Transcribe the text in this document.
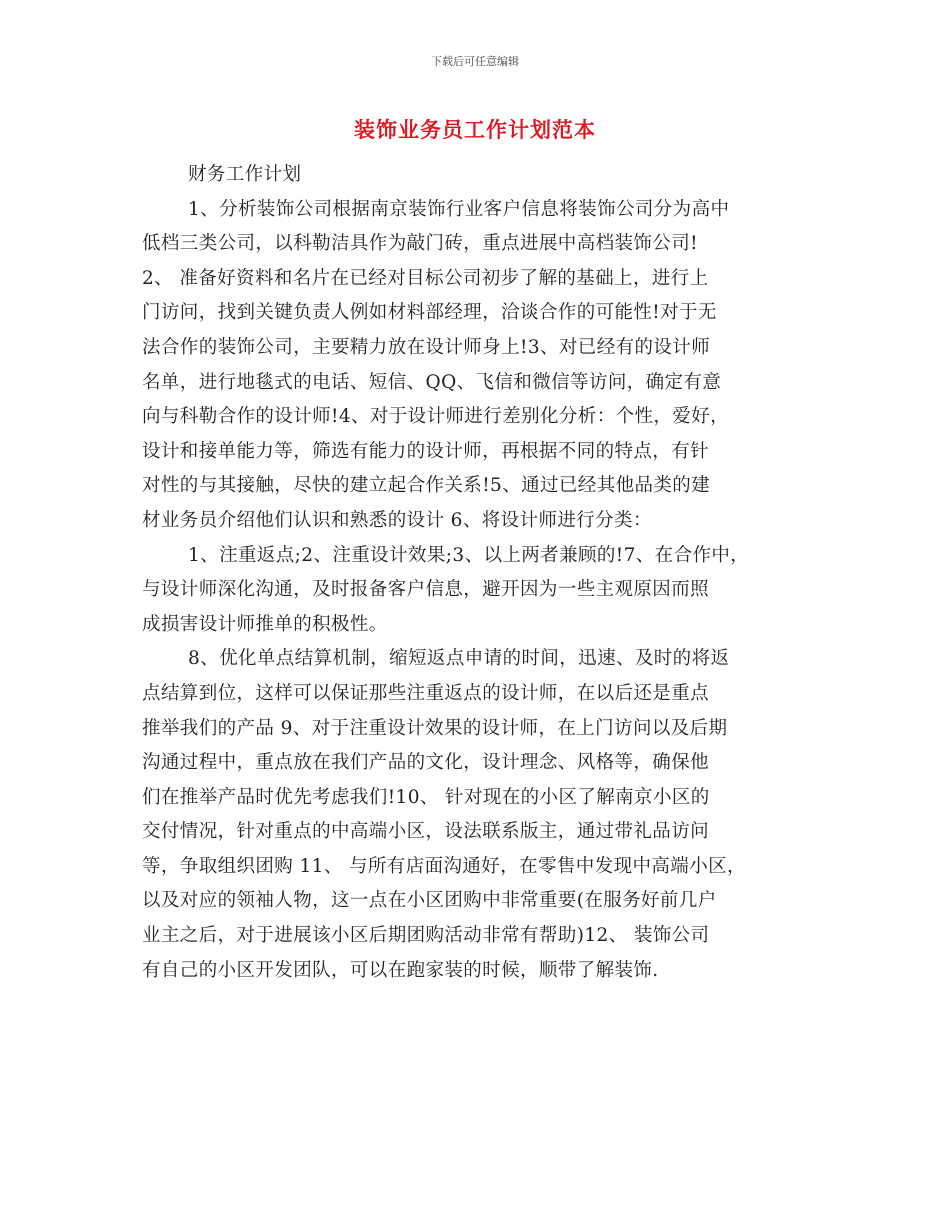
下载后可任意编辑
装饰业务员工作计划范本
财务工作计划
1、分析装饰公司根据南京装饰行业客户信息将装饰公司分为高中
低档三类公司，以科勒洁具作为敲门砖，重点进展中高档装饰公司!
2、 准备好资料和名片在已经对目标公司初步了解的基础上，进行上
门访问，找到关键负责人例如材料部经理，洽谈合作的可能性!对于无
法合作的装饰公司，主要精力放在设计师身上!3、对已经有的设计师
名单，进行地毯式的电话、短信、QQ、飞信和微信等访问，确定有意
向与科勒合作的设计师!4、对于设计师进行差别化分析：个性，爱好，
设计和接单能力等，筛选有能力的设计师，再根据不同的特点，有针
对性的与其接触，尽快的建立起合作关系!5、通过已经其他品类的建
材业务员介绍他们认识和熟悉的设计 6、将设计师进行分类：
1、注重返点;2、注重设计效果;3、以上两者兼顾的!7、在合作中，
与设计师深化沟通，及时报备客户信息，避开因为一些主观原因而照
成损害设计师推单的积极性。
8、优化单点结算机制，缩短返点申请的时间，迅速、及时的将返
点结算到位，这样可以保证那些注重返点的设计师，在以后还是重点
推举我们的产品 9、对于注重设计效果的设计师，在上门访问以及后期
沟通过程中，重点放在我们产品的文化，设计理念、风格等，确保他
们在推举产品时优先考虑我们!10、 针对现在的小区了解南京小区的
交付情况，针对重点的中高端小区，设法联系版主，通过带礼品访问
等，争取组织团购 11、 与所有店面沟通好，在零售中发现中高端小区，
以及对应的领袖人物，这一点在小区团购中非常重要(在服务好前几户
业主之后，对于进展该小区后期团购活动非常有帮助)12、 装饰公司
有自己的小区开发团队，可以在跑家装的时候，顺带了解装饰.
